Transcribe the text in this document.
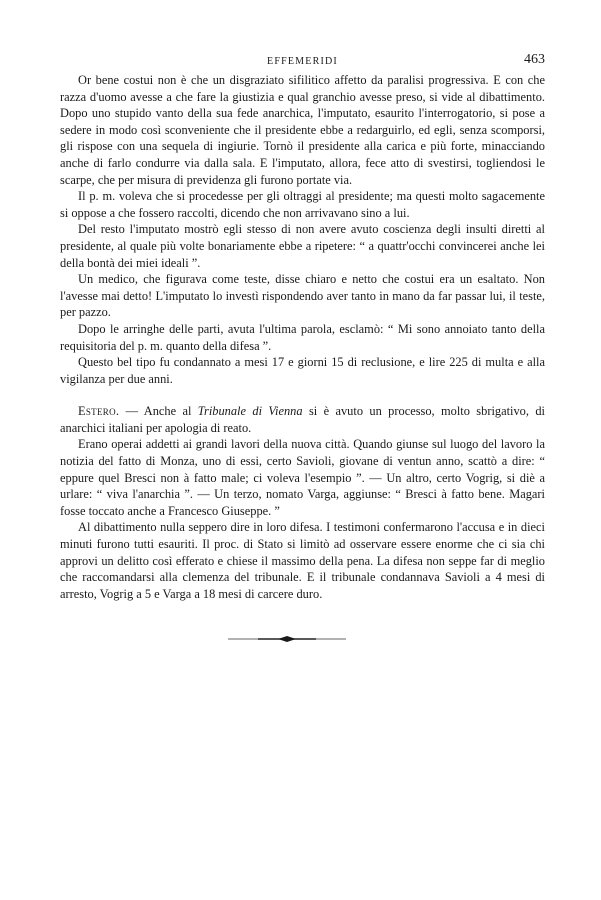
EFFEMERIDI	463

Or bene costui non è che un disgraziato sifilitico affetto da paralisi progressiva. E con che razza d'uomo avesse a che fare la giustizia e qual granchio avesse preso, si vide al dibattimento. Dopo uno stupido vanto della sua fede anarchica, l'imputato, esaurito l'interrogatorio, si pose a sedere in modo così sconveniente che il presidente ebbe a redarguirlo, ed egli, senza scomporsi, gli rispose con una sequela di ingiurie. Tornò il presidente alla carica e più forte, minacciando anche di farlo condurre via dalla sala. E l'imputato, allora, fece atto di svestirsi, togliendosi le scarpe, che per misura di previdenza gli furono portate via.

Il p. m. voleva che si procedesse per gli oltraggi al presidente; ma questi molto sagacemente si oppose a che fossero raccolti, dicendo che non arrivavano sino a lui.

Del resto l'imputato mostrò egli stesso di non avere avuto coscienza degli insulti diretti al presidente, al quale più volte bonariamente ebbe a ripetere: “ a quattr'occhi convincerei anche lei della bontà dei miei ideali ”.

Un medico, che figurava come teste, disse chiaro e netto che costui era un esaltato. Non l'avesse mai detto! L'imputato lo investì rispondendo aver tanto in mano da far passar lui, il teste, per pazzo.

Dopo le arringhe delle parti, avuta l'ultima parola, esclamò: “ Mi sono annoiato tanto della requisitoria del p. m. quanto della difesa ”.

Questo bel tipo fu condannato a mesi 17 e giorni 15 di reclusione, e lire 225 di multa e alla vigilanza per due anni.

Estero. — Anche al Tribunale di Vienna si è avuto un processo, molto sbrigativo, di anarchici italiani per apologia di reato.

Erano operai addetti ai grandi lavori della nuova città. Quando giunse sul luogo del lavoro la notizia del fatto di Monza, uno di essi, certo Savioli, giovane di ventun anno, scattò a dire: “ eppure quel Bresci non à fatto male; ci voleva l'esempio ”. — Un altro, certo Vogrig, si diè a urlare: “ viva l'anarchia ”. — Un terzo, nomato Varga, aggiunse: “ Bresci à fatto bene. Magari fosse toccato anche a Francesco Giuseppe. ”

Al dibattimento nulla seppero dire in loro difesa. I testimoni confermarono l'accusa e in dieci minuti furono tutti esauriti. Il proc. di Stato si limitò ad osservare essere enorme che ci sia chi approvi un delitto così efferato e chiese il massimo della pena. La difesa non seppe far di meglio che raccomandarsi alla clemenza del tribunale. E il tribunale condannava Savioli a 4 mesi di arresto, Vogrig a 5 e Varga a 18 mesi di carcere duro.
